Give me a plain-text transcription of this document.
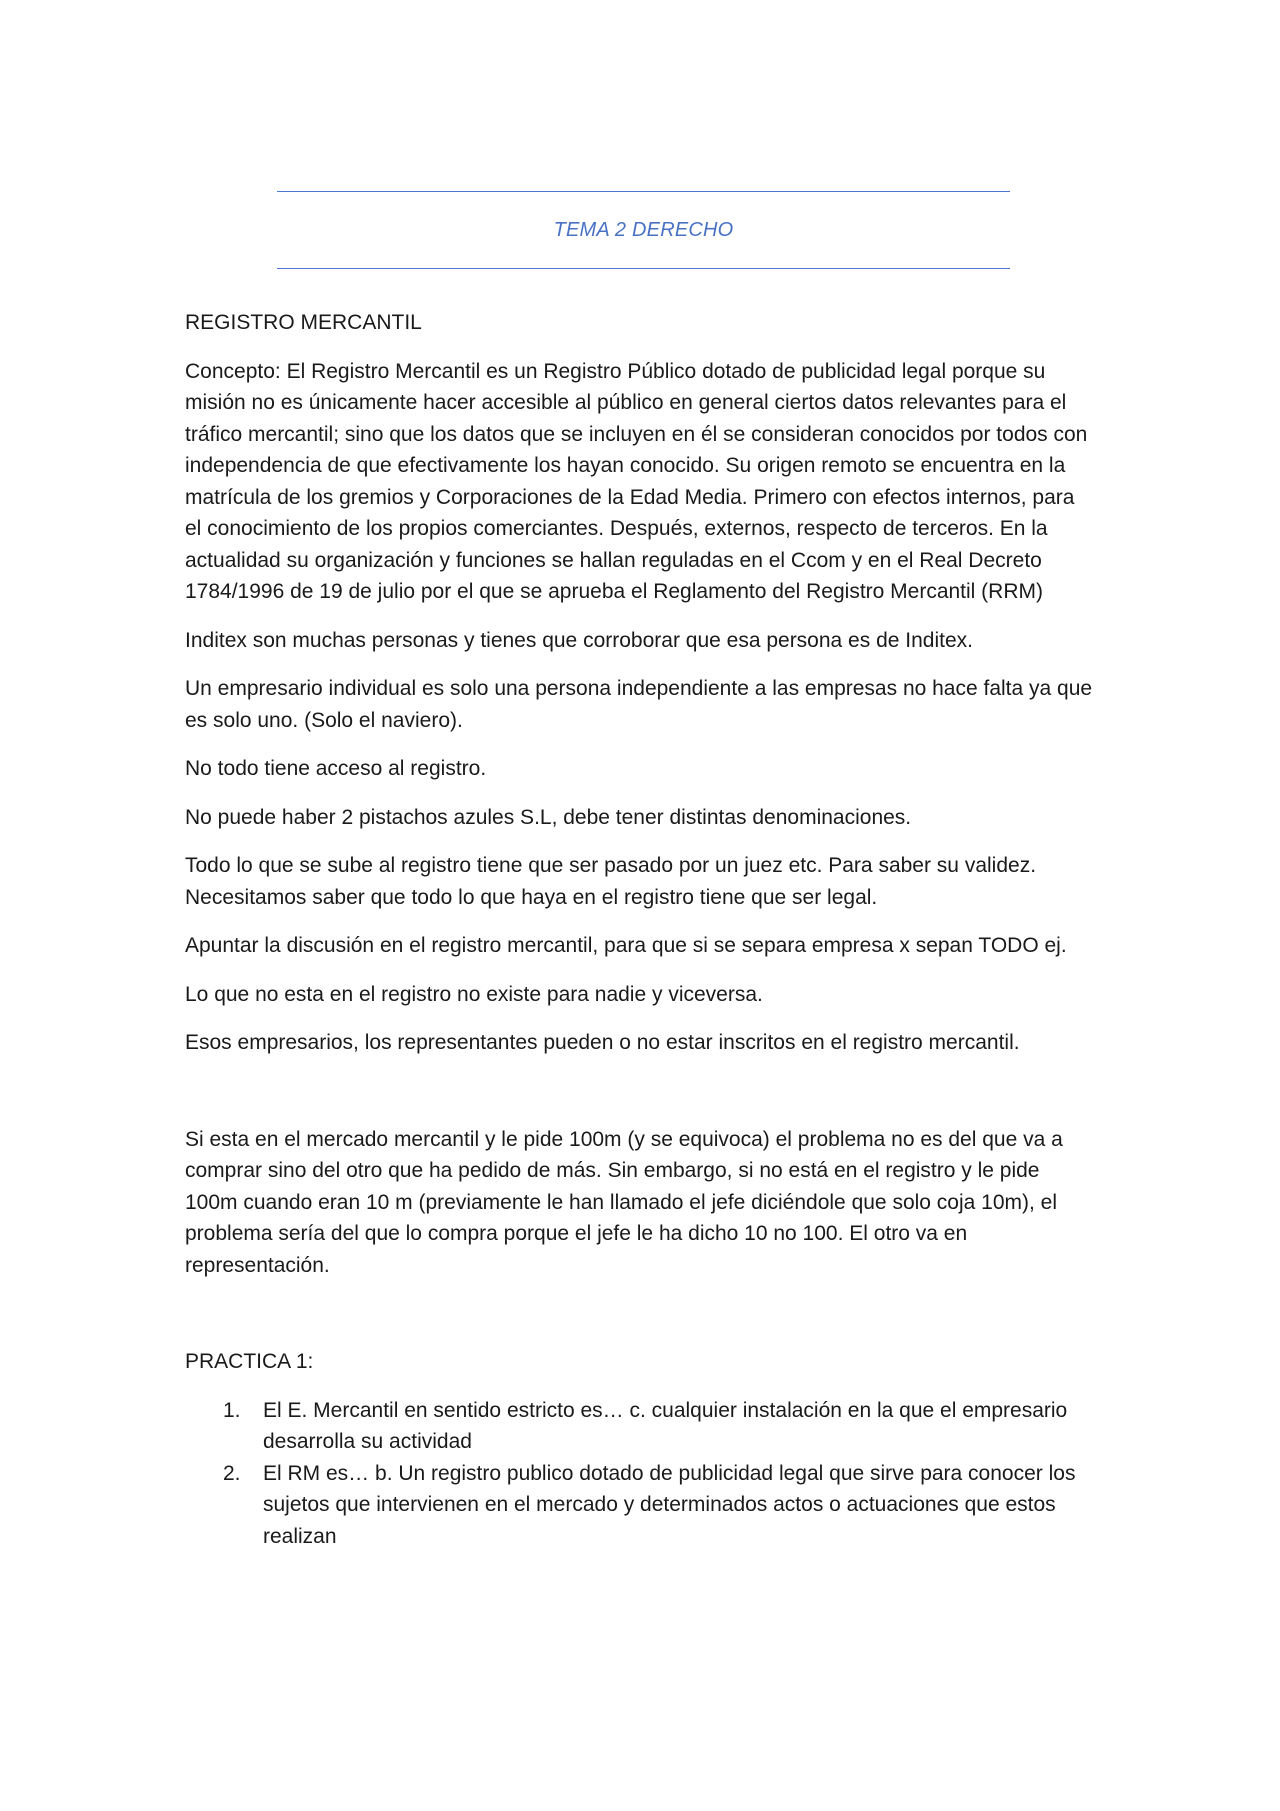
TEMA 2 DERECHO

REGISTRO MERCANTIL

Concepto: El Registro Mercantil es un Registro Público dotado de publicidad legal porque su misión no es únicamente hacer accesible al público en general ciertos datos relevantes para el tráfico mercantil; sino que los datos que se incluyen en él se consideran conocidos por todos con independencia de que efectivamente los hayan conocido. Su origen remoto se encuentra en la matrícula de los gremios y Corporaciones de la Edad Media. Primero con efectos internos, para el conocimiento de los propios comerciantes. Después, externos, respecto de terceros. En la actualidad su organización y funciones se hallan reguladas en el Ccom y en el Real Decreto 1784/1996 de 19 de julio por el que se aprueba el Reglamento del Registro Mercantil (RRM)

Inditex son muchas personas y tienes que corroborar que esa persona es de Inditex.

Un empresario individual es solo una persona independiente a las empresas no hace falta ya que es solo uno. (Solo el naviero).

No todo tiene acceso al registro.

No puede haber 2 pistachos azules S.L, debe tener distintas denominaciones.

Todo lo que se sube al registro tiene que ser pasado por un juez etc. Para saber su validez. Necesitamos saber que todo lo que haya en el registro tiene que ser legal.

Apuntar la discusión en el registro mercantil, para que si se separa empresa x sepan TODO ej.

Lo que no esta en el registro no existe para nadie y viceversa.

Esos empresarios, los representantes pueden o no estar inscritos en el registro mercantil.

Si esta en el mercado mercantil y le pide 100m (y se equivoca) el problema no es del que va a comprar sino del otro que ha pedido de más. Sin embargo, si no está en el registro y le pide 100m cuando eran 10 m (previamente le han llamado el jefe diciéndole que solo coja 10m), el problema sería del que lo compra porque el jefe le ha dicho 10 no 100. El otro va en representación.

PRACTICA 1:

1.	El E. Mercantil en sentido estricto es… c. cualquier instalación en la que el empresario desarrolla su actividad
2.	El RM es… b. Un registro publico dotado de publicidad legal que sirve para conocer los sujetos que intervienen en el mercado y determinados actos o actuaciones que estos realizan
